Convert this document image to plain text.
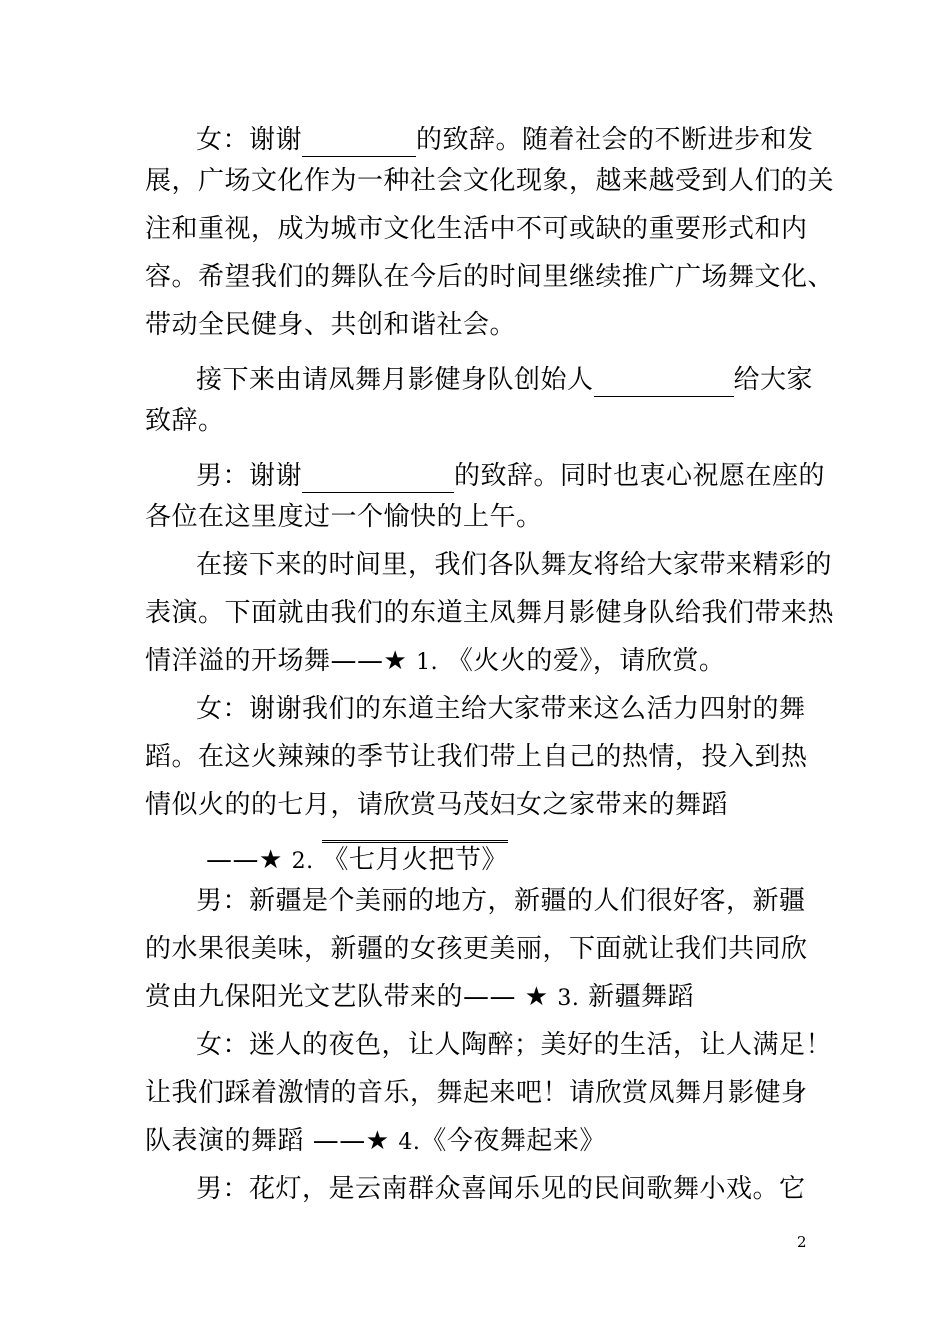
女：谢谢	的致辞。随着社会的不断进步和发
展，广场文化作为一种社会文化现象，越来越受到人们的关
注和重视，成为城市文化生活中不可或缺的重要形式和内
容。希望我们的舞队在今后的时间里继续推广广场舞文化、
带动全民健身、共创和谐社会。
接下来由请凤舞月影健身队创始人	给大家
致辞。
男：谢谢	的致辞。同时也衷心祝愿在座的
各位在这里度过一个愉快的上午。
在接下来的时间里，我们各队舞友将给大家带来精彩的
表演。下面就由我们的东道主凤舞月影健身队给我们带来热
情洋溢的开场舞——★ 1. 《火火的爱》，请欣赏。
女：谢谢我们的东道主给大家带来这么活力四射的舞
蹈。在这火辣辣的季节让我们带上自己的热情，投入到热
情似火的的七月，请欣赏马茂妇女之家带来的舞蹈
——★ 2. 《七月火把节》
男：新疆是个美丽的地方，新疆的人们很好客，新疆
的水果很美味，新疆的女孩更美丽，下面就让我们共同欣
赏由九保阳光文艺队带来的—— ★ 3. 新疆舞蹈
女：迷人的夜色，让人陶醉；美好的生活，让人满足！
让我们踩着激情的音乐，舞起来吧！请欣赏凤舞月影健身
队表演的舞蹈 ——★ 4.《今夜舞起来》
男：花灯，是云南群众喜闻乐见的民间歌舞小戏。它
2
